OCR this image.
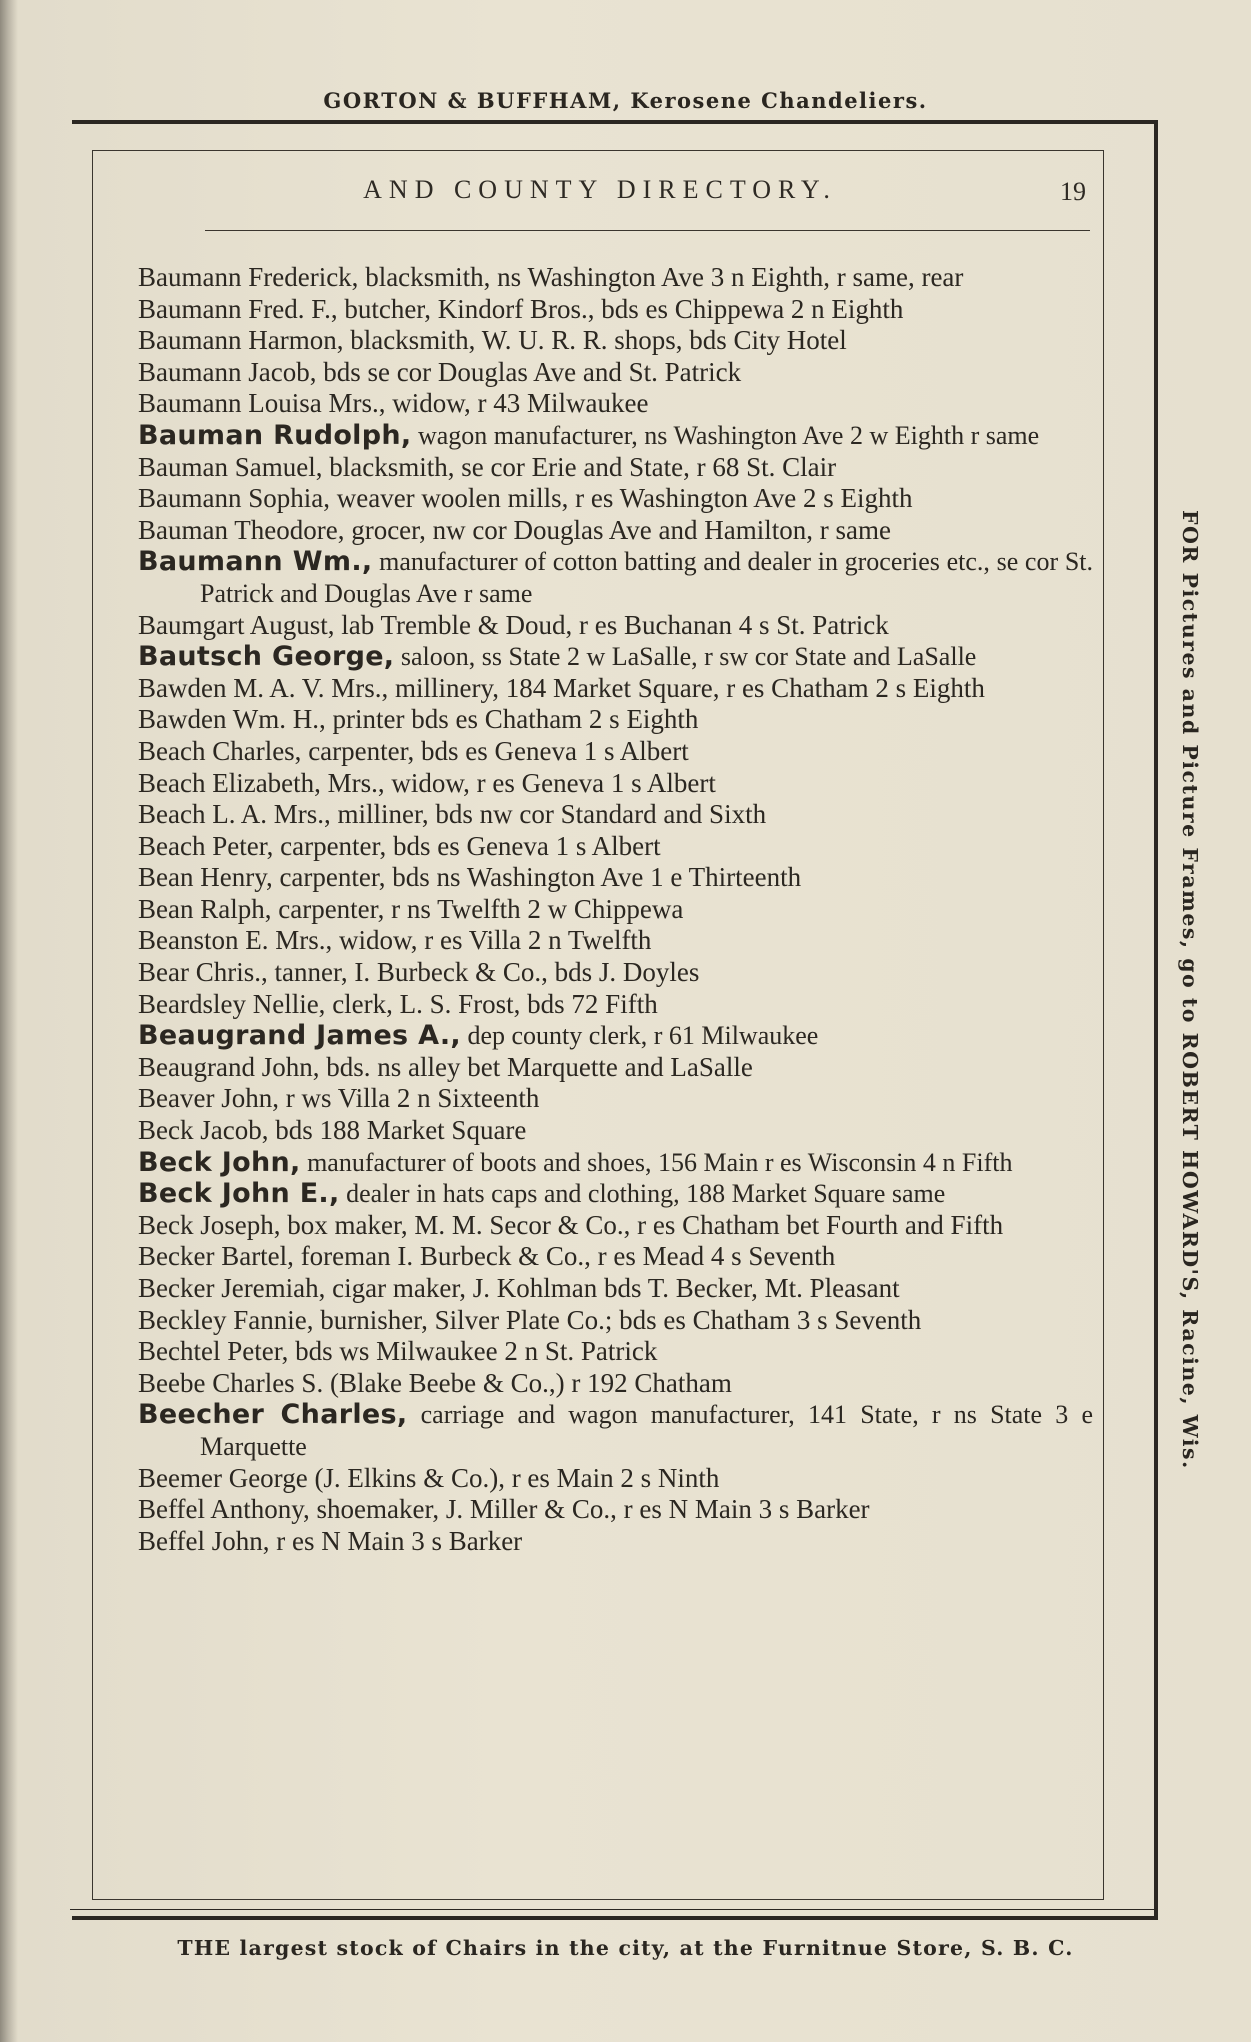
GORTON & BUFFHAM, Kerosene Chandeliers.
AND COUNTY DIRECTORY.	19

Baumann Frederick, blacksmith, ns Washington Ave 3 n Eighth, r same, rear

Baumann Fred. F., butcher, Kindorf Bros., bds es Chippewa 2 n Eighth

Baumann Harmon, blacksmith, W. U. R. R. shops, bds City Hotel

Baumann Jacob, bds se cor Douglas Ave and St. Patrick

Baumann Louisa Mrs., widow, r 43 Milwaukee

Bauman Rudolph, wagon manufacturer, ns Washington Ave 2 w Eighth r same

Bauman Samuel, blacksmith, se cor Erie and State, r 68 St. Clair

Baumann Sophia, weaver woolen mills, r es Washington Ave 2 s Eighth

Bauman Theodore, grocer, nw cor Douglas Ave and Hamilton, r same

Baumann Wm., manufacturer of cotton batting and dealer in groceries etc., se cor St. Patrick and Douglas Ave r same

Baumgart August, lab Tremble & Doud, r es Buchanan 4 s St. Patrick

Bautsch George, saloon, ss State 2 w LaSalle, r sw cor State and LaSalle

Bawden M. A. V. Mrs., millinery, 184 Market Square, r es Chatham 2 s Eighth

Bawden Wm. H., printer bds es Chatham 2 s Eighth

Beach Charles, carpenter, bds es Geneva 1 s Albert

Beach Elizabeth, Mrs., widow, r es Geneva 1 s Albert

Beach L. A. Mrs., milliner, bds nw cor Standard and Sixth

Beach Peter, carpenter, bds es Geneva 1 s Albert

Bean Henry, carpenter, bds ns Washington Ave 1 e Thirteenth

Bean Ralph, carpenter, r ns Twelfth 2 w Chippewa

Beanston E. Mrs., widow, r es Villa 2 n Twelfth

Bear Chris., tanner, I. Burbeck & Co., bds J. Doyles

Beardsley Nellie, clerk, L. S. Frost, bds 72 Fifth

Beaugrand James A., dep county clerk, r 61 Milwaukee

Beaugrand John, bds. ns alley bet Marquette and LaSalle

Beaver John, r ws Villa 2 n Sixteenth

Beck Jacob, bds 188 Market Square

Beck John, manufacturer of boots and shoes, 156 Main r es Wisconsin 4 n Fifth

Beck John E., dealer in hats caps and clothing, 188 Market Square same

Beck Joseph, box maker, M. M. Secor & Co., r es Chatham bet Fourth and Fifth

Becker Bartel, foreman I. Burbeck & Co., r es Mead 4 s Seventh

Becker Jeremiah, cigar maker, J. Kohlman bds T. Becker, Mt. Pleasant

Beckley Fannie, burnisher, Silver Plate Co.; bds es Chatham 3 s Seventh

Bechtel Peter, bds ws Milwaukee 2 n St. Patrick

Beebe Charles S. (Blake Beebe & Co.,) r 192 Chatham

Beecher Charles, carriage and wagon manufacturer, 141 State, r ns State 3 e Marquette

Beemer George (J. Elkins & Co.), r es Main 2 s Ninth

Beffel Anthony, shoemaker, J. Miller & Co., r es N Main 3 s Barker

Beffel John, r es N Main 3 s Barker

FOR Pictures and Picture Frames, go to ROBERT HOWARD'S, Racine, Wis.
THE largest stock of Chairs in the city, at the Furnitnue Store, S. B. C.
